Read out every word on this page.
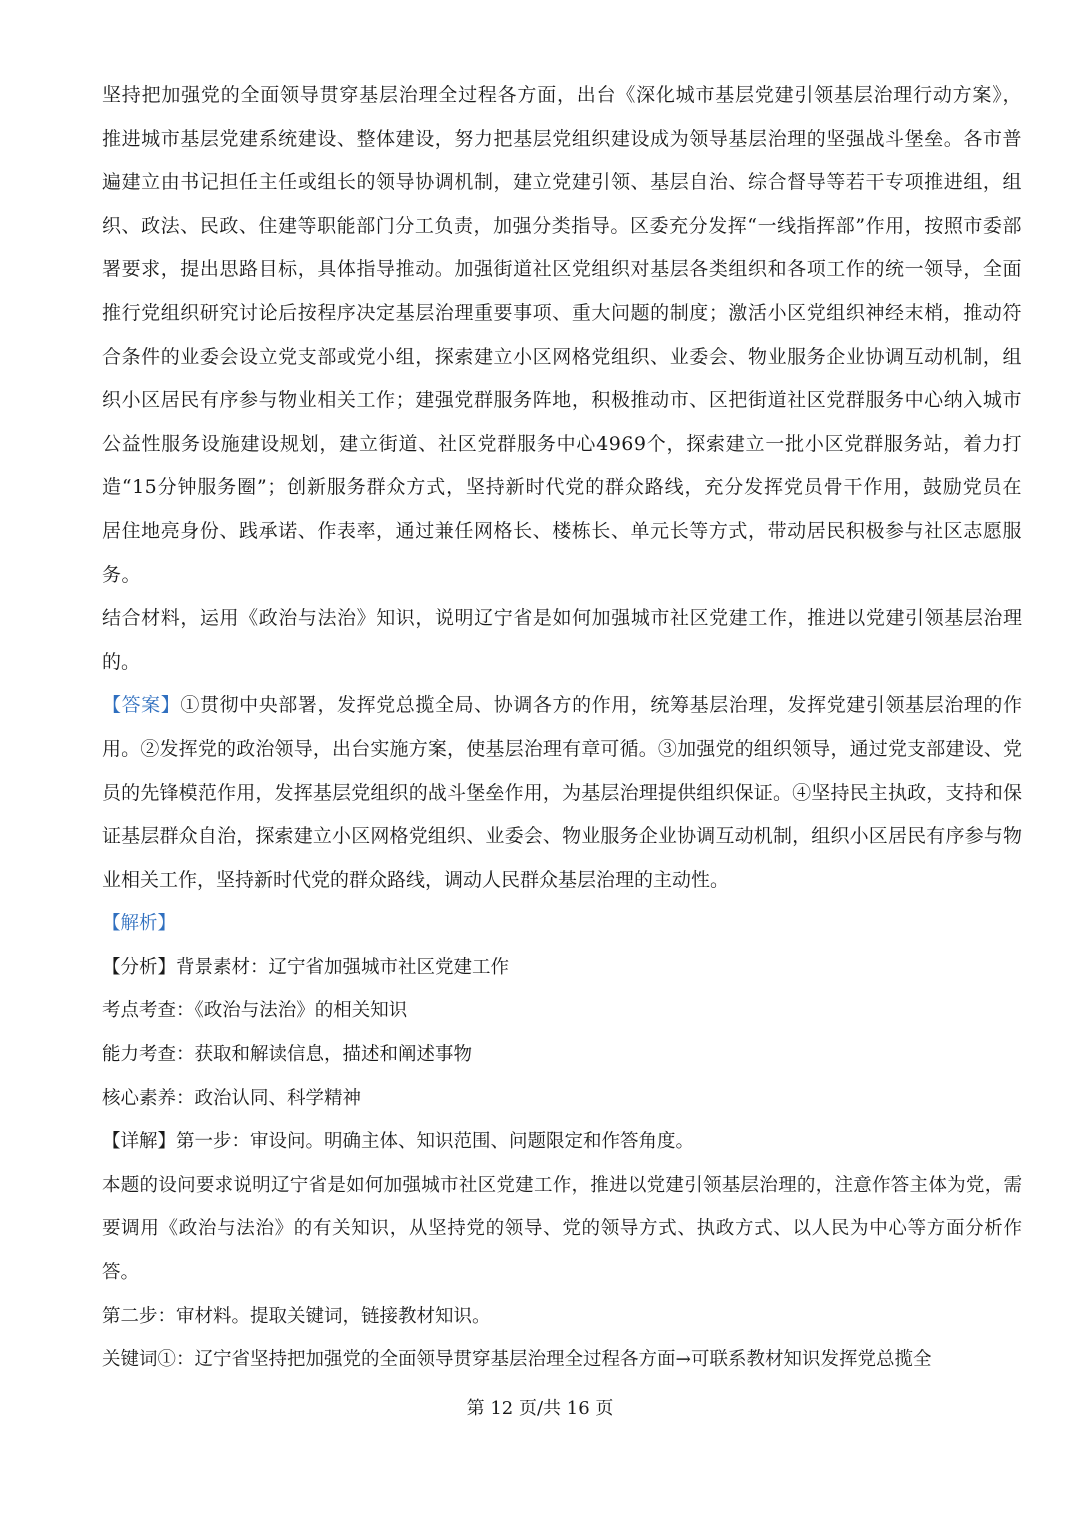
坚持把加强党的全面领导贯穿基层治理全过程各方面，出台《深化城市基层党建引领基层治理行动方案》，推进城市基层党建系统建设、整体建设，努力把基层党组织建设成为领导基层治理的坚强战斗堡垒。各市普遍建立由书记担任主任或组长的领导协调机制，建立党建引领、基层自治、综合督导等若干专项推进组，组织、政法、民政、住建等职能部门分工负责，加强分类指导。区委充分发挥“一线指挥部”作用，按照市委部署要求，提出思路目标，具体指导推动。加强街道社区党组织对基层各类组织和各项工作的统一领导，全面推行党组织研究讨论后按程序决定基层治理重要事项、重大问题的制度；激活小区党组织神经末梢，推动符合条件的业委会设立党支部或党小组，探索建立小区网格党组织、业委会、物业服务企业协调互动机制，组织小区居民有序参与物业相关工作；建强党群服务阵地，积极推动市、区把街道社区党群服务中心纳入城市公益性服务设施建设规划，建立街道、社区党群服务中心4969个，探索建立一批小区党群服务站，着力打造“15分钟服务圈”；创新服务群众方式，坚持新时代党的群众路线，充分发挥党员骨干作用，鼓励党员在居住地亮身份、践承诺、作表率，通过兼任网格长、楼栋长、单元长等方式，带动居民积极参与社区志愿服务。

结合材料，运用《政治与法治》知识，说明辽宁省是如何加强城市社区党建工作，推进以党建引领基层治理的。

【答案】①贯彻中央部署，发挥党总揽全局、协调各方的作用，统筹基层治理，发挥党建引领基层治理的作用。②发挥党的政治领导，出台实施方案，使基层治理有章可循。③加强党的组织领导，通过党支部建设、党员的先锋模范作用，发挥基层党组织的战斗堡垒作用，为基层治理提供组织保证。④坚持民主执政，支持和保证基层群众自治，探索建立小区网格党组织、业委会、物业服务企业协调互动机制，组织小区居民有序参与物业相关工作，坚持新时代党的群众路线，调动人民群众基层治理的主动性。

【解析】

【分析】背景素材：辽宁省加强城市社区党建工作

考点考查：《政治与法治》的相关知识

能力考查：获取和解读信息，描述和阐述事物

核心素养：政治认同、科学精神

【详解】第一步：审设问。明确主体、知识范围、问题限定和作答角度。

本题的设问要求说明辽宁省是如何加强城市社区党建工作，推进以党建引领基层治理的，注意作答主体为党，需要调用《政治与法治》的有关知识，从坚持党的领导、党的领导方式、执政方式、以人民为中心等方面分析作答。

第二步：审材料。提取关键词，链接教材知识。

关键词①：辽宁省坚持把加强党的全面领导贯穿基层治理全过程各方面→可联系教材知识发挥党总揽全

第 12 页/共 16 页
